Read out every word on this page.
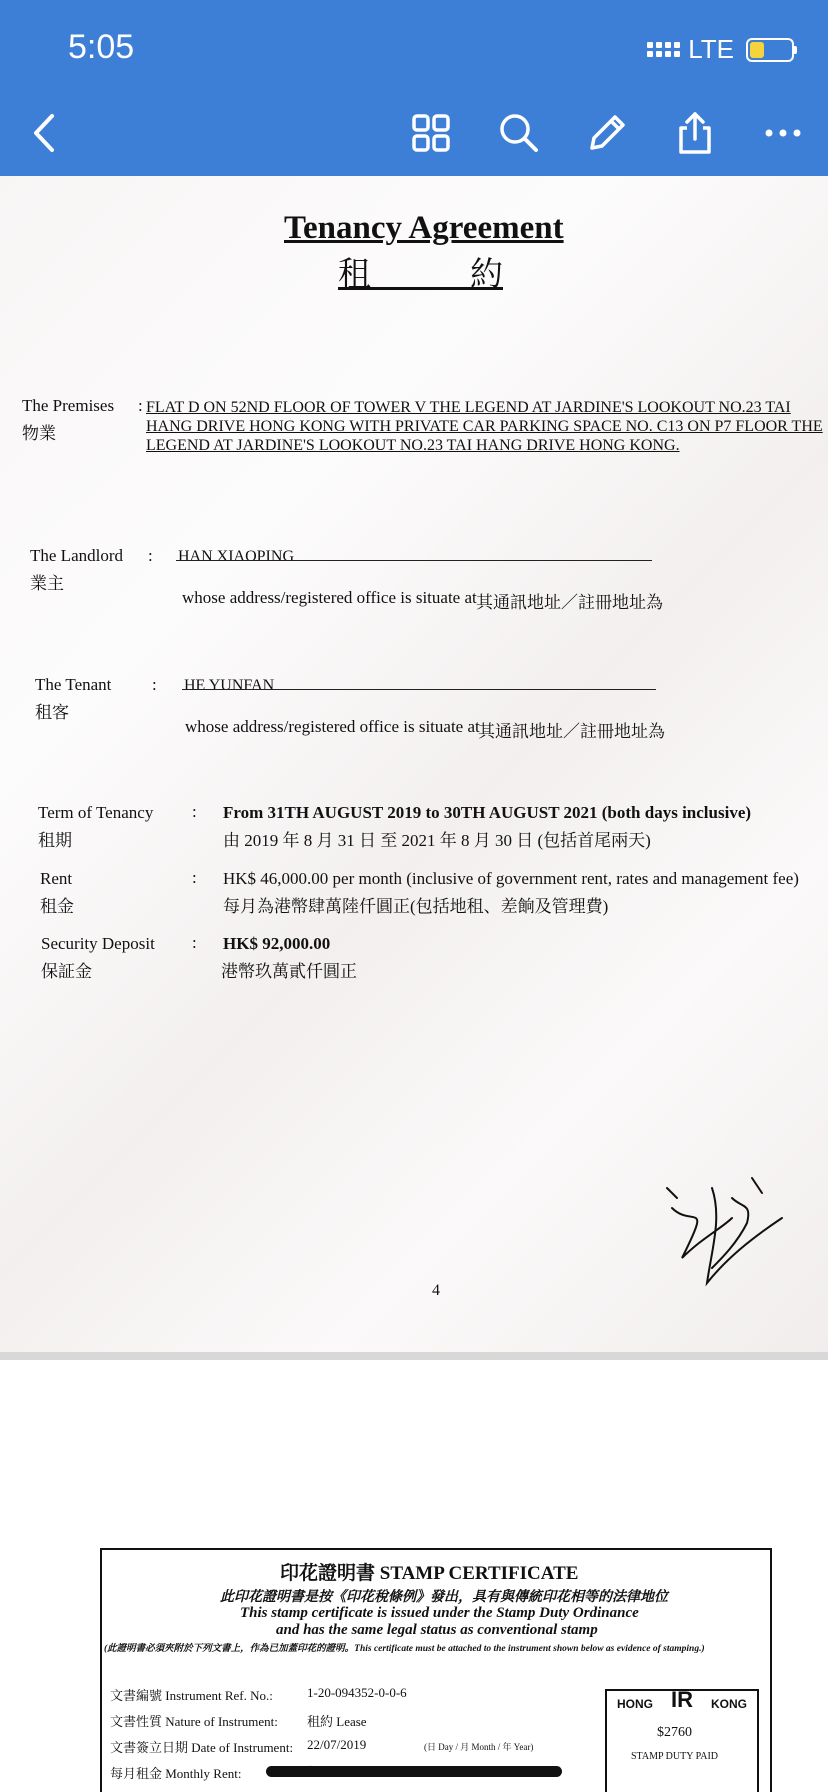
5:05	LTE
Tenancy Agreement
租　　　約
The Premises
物業
: FLAT D ON 52ND FLOOR OF TOWER V THE LEGEND AT JARDINE'S LOOKOUT NO.23 TAI HANG DRIVE HONG KONG WITH PRIVATE CAR PARKING SPACE NO. C13 ON P7 FLOOR THE LEGEND AT JARDINE'S LOOKOUT NO.23 TAI HANG DRIVE HONG KONG.
The Landlord
業主
: HAN XIAOPING
whose address/registered office is situate at 其通訊地址／註冊地址為
The Tenant
租客
: HE YUNFAN
whose address/registered office is situate at
其通訊地址／註冊地址為
Term of Tenancy
租期
: From 31TH AUGUST 2019 to 30TH AUGUST 2021 (both days inclusive)
由 2019 年 8 月 31 日 至 2021 年 8 月 30 日 (包括首尾兩天)
Rent
租金
: HK$ 46,000.00 per month (inclusive of government rent, rates and management fee)
每月為港幣肆萬陸仟圓正(包括地租、差餉及管理費)
Security Deposit
保証金
: HK$ 92,000.00
港幣玖萬貳仟圓正
4
印花證明書 STAMP CERTIFICATE
此印花證明書是按《印花稅條例》發出，具有與傳統印花相等的法律地位
This stamp certificate is issued under the Stamp Duty Ordinance
and has the same legal status as conventional stamp
(此證明書必須夾附於下列文書上，作為已加蓋印花的證明。This certificate must be attached to the instrument shown below as evidence of stamping.)
文書編號 Instrument Ref. No.:	1-20-094352-0-0-6
文書性質 Nature of Instrument: 租約 Lease
文書簽立日期 Date of Instrument: 22/07/2019	(日 Day / 月 Month / 年 Year)
每月租金 Monthly Rent:
HONG IR KONG
$2760
STAMP DUTY PAID
